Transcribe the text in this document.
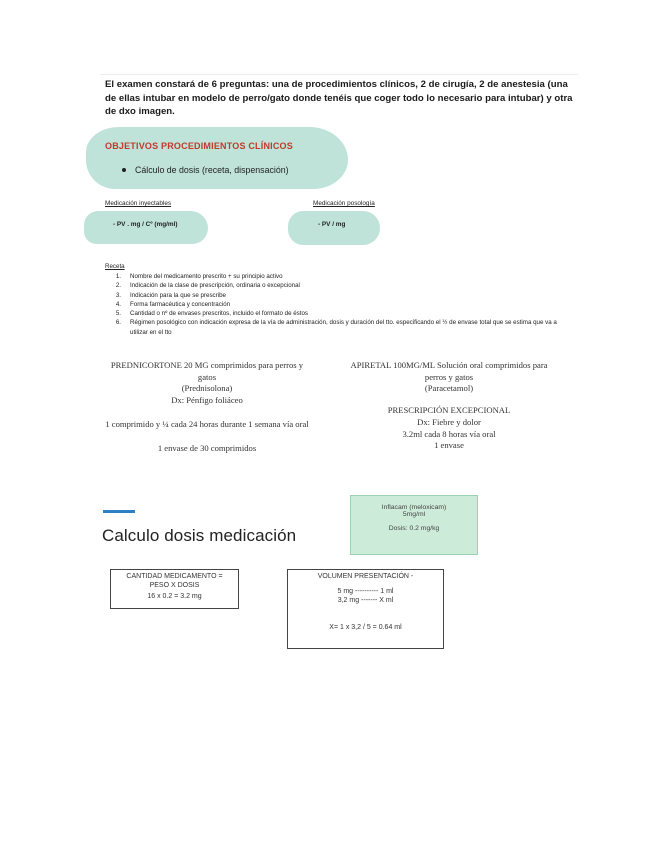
El examen constará de 6 preguntas: una de procedimientos clínicos, 2 de cirugía, 2 de anestesia (una de ellas intubar en modelo de perro/gato donde tenéis que coger todo lo necesario para intubar) y otra de dxo imagen.
OBJETIVOS PROCEDIMIENTOS CLÍNICOS
Cálculo de dosis (receta, dispensación)
Medicación inyectables
- PV . mg / Cº (mg/ml)
Medicación posología
- PV / mg
Receta
1.	Nombre del medicamento prescrito + su principio activo
2.	Indicación de la clase de prescripción, ordinaria o excepcional
3.	Indicación para la que se prescribe
4.	Forma farmacéutica y concentración
5.	Cantidad o nº de envases prescritos, incluido el formato de éstos
6.	Régimen posológico con indicación expresa de la vía de administración, dosis y duración del tto. especificando el ½ de envase total que se estima que va a utilizar en el tto
PREDNICORTONE 20 MG comprimidos para perros y
gatos
(Prednisolona)
Dx: Pénfigo foliáceo
1 comprimido y ¼ cada 24 horas durante 1 semana vía oral
1 envase de 30 comprimidos
APIRETAL 100MG/ML Solución oral comprimidos para
perros y gatos
(Paracetamol)
PRESCRIPCIÓN EXCEPCIONAL
Dx: Fiebre y dolor
3.2ml cada 8 horas vía oral
1 envase
Calculo dosis medicación
Inflacam (meloxicam)
5mg/ml
Dosis: 0.2 mg/kg
CANTIDAD MEDICAMENTO =
PESO X DOSIS
16 x 0.2 = 3.2 mg
VOLUMEN PRESENTACIÓN -
5 mg ---------- 1 ml
3,2 mg ------- X ml
X= 1 x 3,2 / 5 = 0.64 ml
